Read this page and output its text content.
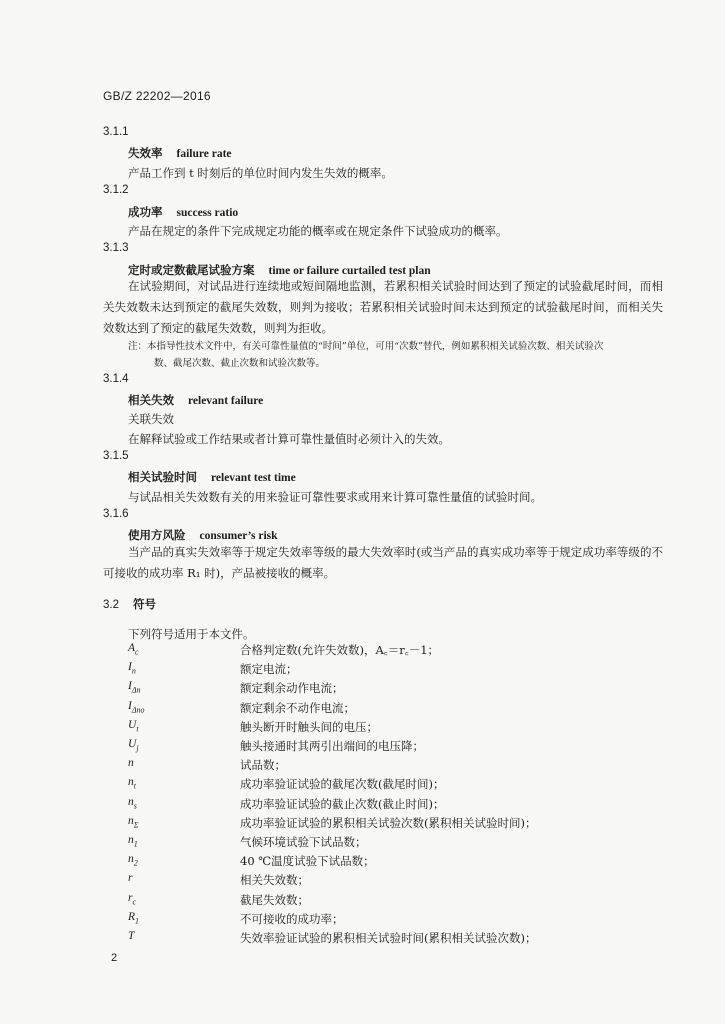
GB/Z 22202—2016
3.1.1
失效率 failure rate
产品工作到 t 时刻后的单位时间内发生失效的概率。
3.1.2
成功率 success ratio
产品在规定的条件下完成规定功能的概率或在规定条件下试验成功的概率。
3.1.3
定时或定数截尾试验方案 time or failure curtailed test plan
在试验期间，对试品进行连续地或短间隔地监测，若累积相关试验时间达到了预定的试验截尾时间，而相关失效数未达到预定的截尾失效数，则判为接收；若累积相关试验时间未达到预定的试验截尾时间，而相关失效数达到了预定的截尾失效数，则判为拒收。
注：本指导性技术文件中，有关可靠性量值的“时间”单位，可用“次数”替代，例如累积相关试验次数、相关试验次
数、截尾次数、截止次数和试验次数等。
3.1.4
相关失效 relevant failure
关联失效
在解释试验或工作结果或者计算可靠性量值时必须计入的失效。
3.1.5
相关试验时间 relevant test time
与试品相关失效数有关的用来验证可靠性要求或用来计算可靠性量值的试验时间。
3.1.6
使用方风险 consumer’s risk
当产品的真实失效率等于规定失效率等级的最大失效率时(或当产品的真实成功率等于规定成功率等级的不可接收的成功率 R₁ 时)，产品被接收的概率。
3.2 符号
下列符号适用于本文件。
$A_c$	合格判定数(允许失效数)，A꜀＝r꜀－1；
$I_n$	额定电流；
$I_{\Delta n}$	额定剩余动作电流；
$I_{\Delta no}$	额定剩余不动作电流；
$U_t$	触头断开时触头间的电压；
$U_j$	触头接通时其两引出端间的电压降；
n	试品数；
$n_t$	成功率验证试验的截尾次数(截尾时间)；
$n_s$	成功率验证试验的截止次数(截止时间)；
$n_\Sigma$	成功率验证试验的累积相关试验次数(累积相关试验时间)；
$n_1$	气候环境试验下试品数；
$n_2$	40 ℃温度试验下试品数；
r	相关失效数；
$r_c$	截尾失效数；
$R_1$	不可接收的成功率；
T	失效率验证试验的累积相关试验时间(累积相关试验次数)；
2
